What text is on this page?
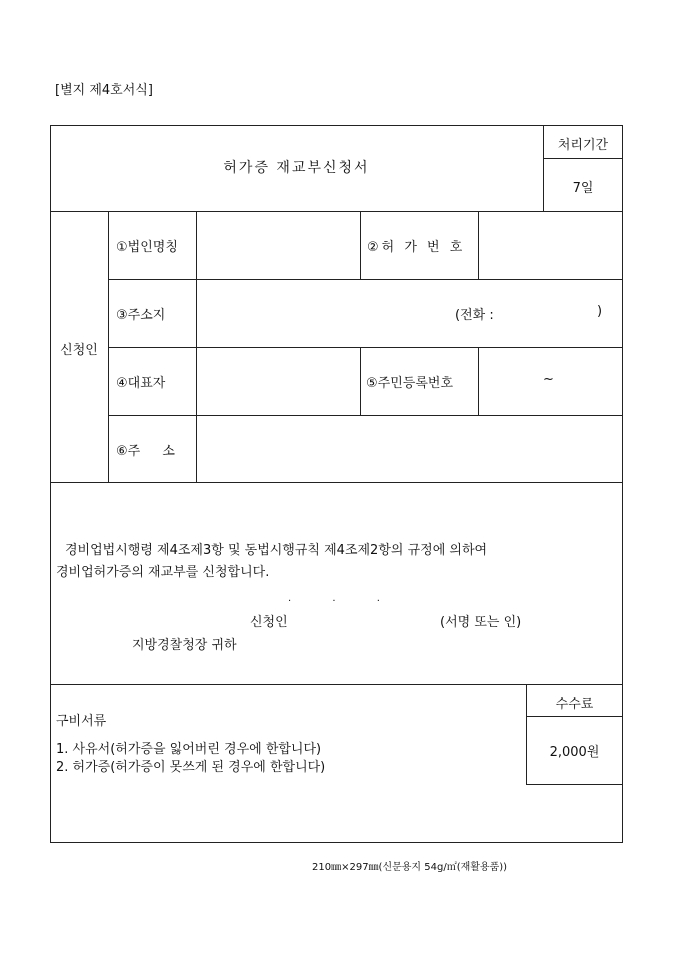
[별지 제4호서식]
허가증 재교부신청서
처리기간
7일
신청인
①법인명칭	②허 가 번 호
③주소지	(전화 :	)
④대표자	⑤주민등록번호	~
⑥주 소
경비업법시행령 제4조제3항 및 동법시행규칙 제4조제2항의 규정에 의하여
경비업허가증의 재교부를 신청합니다.
. . .
신청인	(서명 또는 인)
지방경찰청장 귀하
수수료
2,000원
구비서류
1. 사유서(허가증을 잃어버린 경우에 한합니다)
2. 허가증(허가증이 못쓰게 된 경우에 한합니다)
210㎜×297㎜(신문용지 54g/㎡(재활용품))
